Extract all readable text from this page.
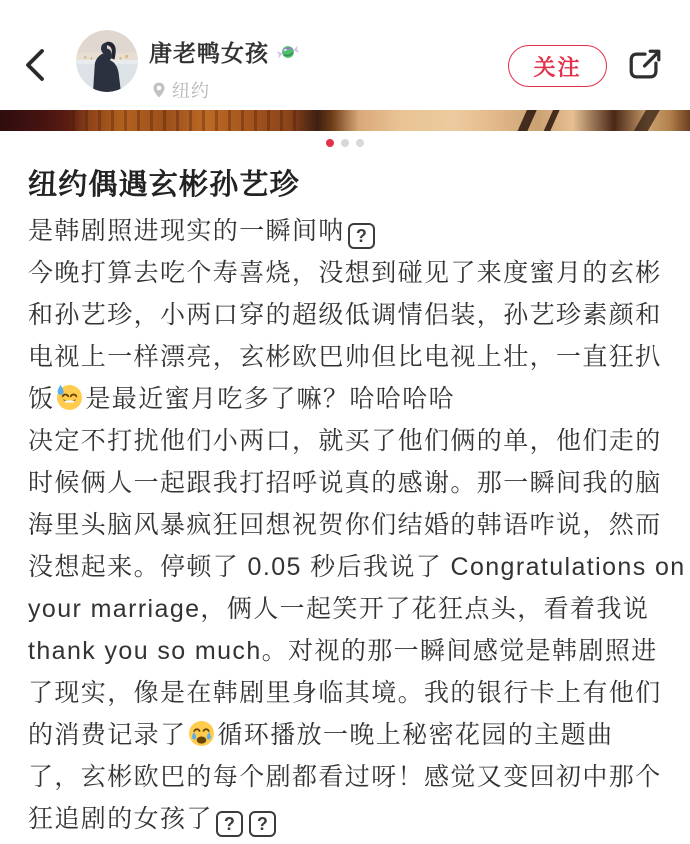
唐老鸭女孩
纽约
关注
纽约偶遇玄彬孙艺珍
是韩剧照进现实的一瞬间呐 ?
今晚打算去吃个寿喜烧，没想到碰见了来度蜜月的玄彬
和孙艺珍，小两口穿的超级低调情侣装，孙艺珍素颜和
电视上一样漂亮，玄彬欧巴帅但比电视上壮，一直狂扒
饭 是最近蜜月吃多了嘛？哈哈哈哈
决定不打扰他们小两口，就买了他们俩的单，他们走的
时候俩人一起跟我打招呼说真的感谢。那一瞬间我的脑
海里头脑风暴疯狂回想祝贺你们结婚的韩语咋说，然而
没想起来。停顿了 0.05 秒后我说了 Congratulations on
your marriage，俩人一起笑开了花狂点头，看着我说
thank you so much。对视的那一瞬间感觉是韩剧照进
了现实，像是在韩剧里身临其境。我的银行卡上有他们
的消费记录了 循环播放一晚上秘密花园的主题曲
了，玄彬欧巴的每个剧都看过呀！感觉又变回初中那个
狂追剧的女孩了 ? ?
